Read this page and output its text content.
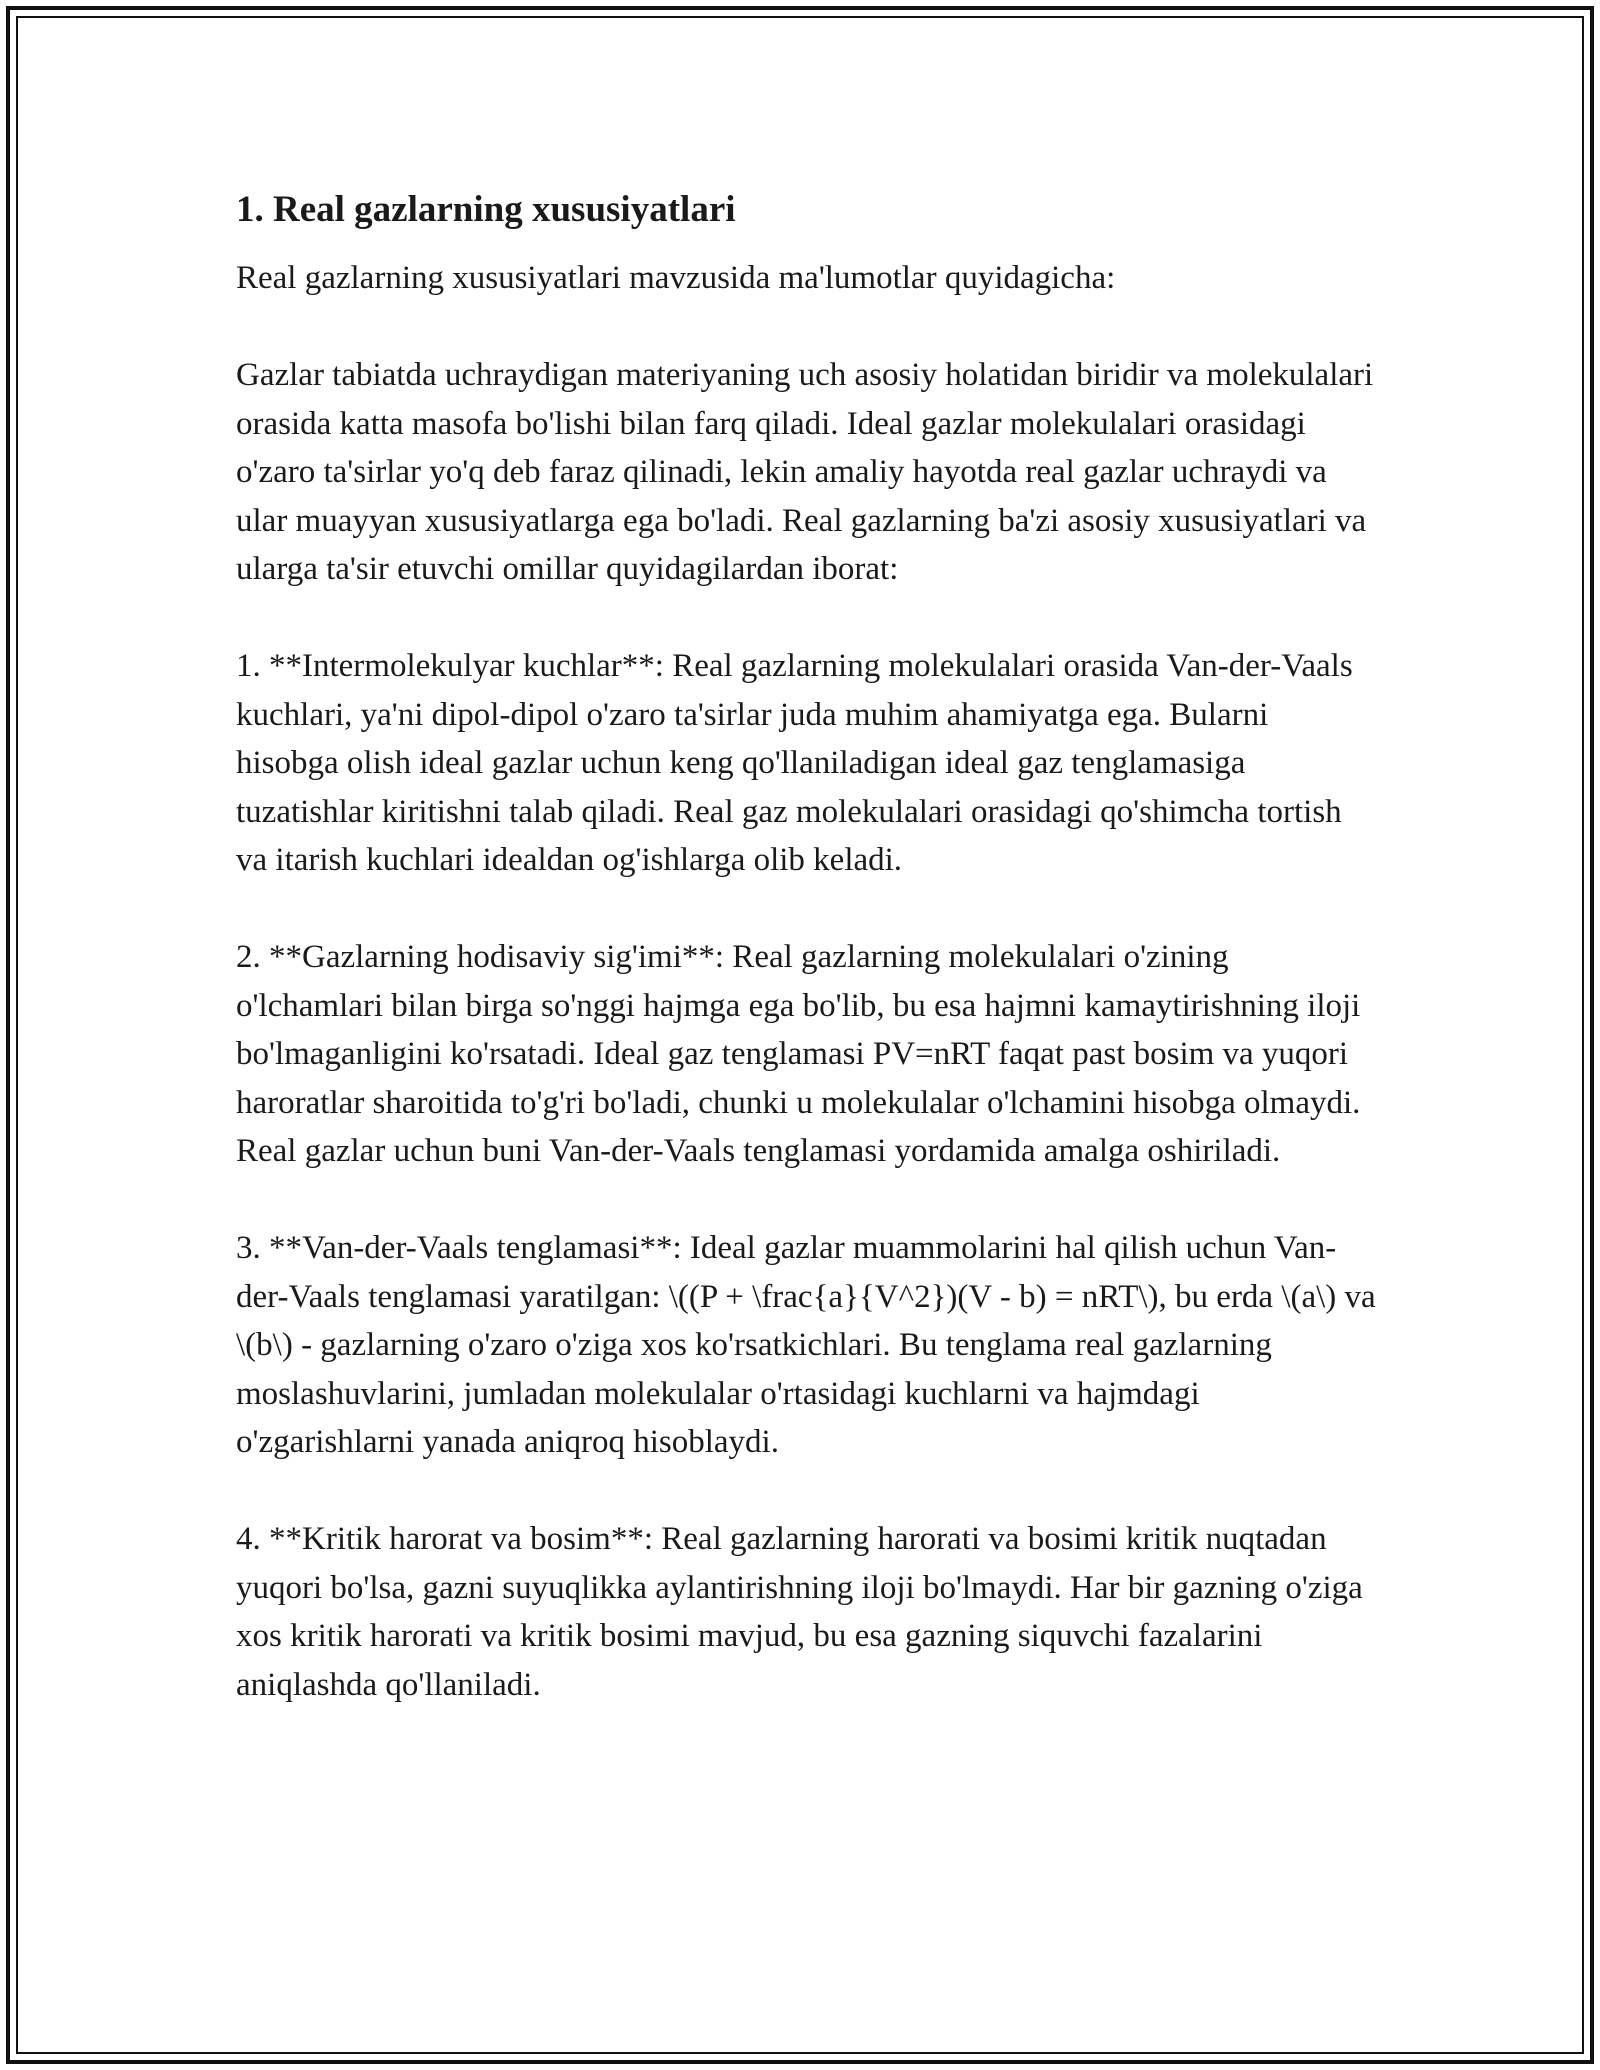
1. Real gazlarning xususiyatlari

Real gazlarning xususiyatlari mavzusida ma'lumotlar quyidagicha:

Gazlar tabiatda uchraydigan materiyaning uch asosiy holatidan biridir va molekulalari orasida katta masofa bo'lishi bilan farq qiladi. Ideal gazlar molekulalari orasidagi o'zaro ta'sirlar yo'q deb faraz qilinadi, lekin amaliy hayotda real gazlar uchraydi va ular muayyan xususiyatlarga ega bo'ladi. Real gazlarning ba'zi asosiy xususiyatlari va ularga ta'sir etuvchi omillar quyidagilardan iborat:

1. **Intermolekulyar kuchlar**: Real gazlarning molekulalari orasida Van-der-Vaals kuchlari, ya'ni dipol-dipol o'zaro ta'sirlar juda muhim ahamiyatga ega. Bularni hisobga olish ideal gazlar uchun keng qo'llaniladigan ideal gaz tenglamasiga tuzatishlar kiritishni talab qiladi. Real gaz molekulalari orasidagi qo'shimcha tortish va itarish kuchlari idealdan og'ishlarga olib keladi.

2. **Gazlarning hodisaviy sig'imi**: Real gazlarning molekulalari o'zining o'lchamlari bilan birga so'nggi hajmga ega bo'lib, bu esa hajmni kamaytirishning iloji bo'lmaganligini ko'rsatadi. Ideal gaz tenglamasi PV=nRT faqat past bosim va yuqori haroratlar sharoitida to'g'ri bo'ladi, chunki u molekulalar o'lchamini hisobga olmaydi. Real gazlar uchun buni Van-der-Vaals tenglamasi yordamida amalga oshiriladi.

3. **Van-der-Vaals tenglamasi**: Ideal gazlar muammolarini hal qilish uchun Van-der-Vaals tenglamasi yaratilgan: \((P + \frac{a}{V^2})(V - b) = nRT\), bu erda \(a\) va \(b\) - gazlarning o'zaro o'ziga xos ko'rsatkichlari. Bu tenglama real gazlarning moslashuvlarini, jumladan molekulalar o'rtasidagi kuchlarni va hajmdagi o'zgarishlarni yanada aniqroq hisoblaydi.

4. **Kritik harorat va bosim**: Real gazlarning harorati va bosimi kritik nuqtadan yuqori bo'lsa, gazni suyuqlikka aylantirishning iloji bo'lmaydi. Har bir gazning o'ziga xos kritik harorati va kritik bosimi mavjud, bu esa gazning siquvchi fazalarini aniqlashda qo'llaniladi.
